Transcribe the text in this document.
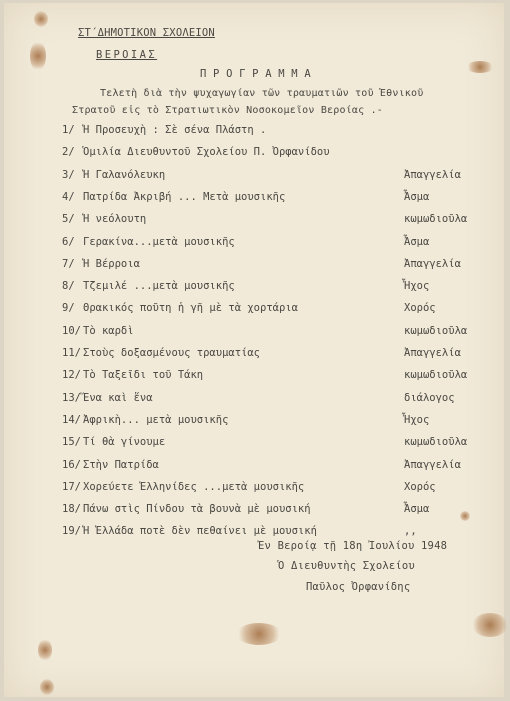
ΣΤ΄ΔΗΜΟΤΙΚΟΝ ΣΧΟΛΕΙΟΝ
ΒΕΡΟΙΑΣ
Π Ρ Ο Γ Ρ Α Μ Μ Α
Τελετὴ διὰ τὴν ψυχαγωγίαν τῶν τραυματιῶν τοῦ Ἐθνικοῦ
Στρατοῦ εἰς τὸ Στρατιωτικὸν Νοσοκομεῖον Βεροίας .-
1/ Ἡ Προσευχὴ : Σὲ σένα Πλάστη .
2/ Ὁμιλία Διευθυντοῦ Σχολείου Π. Ὀρφανίδου
3/ Ἡ Γαλανόλευκη	Ἀπαγγελία
4/ Πατρίδα Ἀκριβή ... Μετὰ μουσικῆς	Ἆσμα
5/ Ἡ νεόλουτη	κωμωδιοῦλα
6/ Γερακίνα...μετὰ μουσικῆς	Ἆσμα
7/ Ἡ Βέρροια	Ἀπαγγελία
8/ Τζεμιλέ ...μετὰ μουσικῆς	Ἦχος
9/ Θρακικός ποῦτη ἡ γῆ μὲ τὰ χορτάρια	Χορός
10/ Τὸ καρδὶ	κωμωδιοῦλα
11/ Στοὺς δοξασμένους τραυματίας	Ἀπαγγελία
12/ Τὸ Ταξεῖδι τοῦ Τάκη	κωμωδιοῦλα
13/ Ἕνα καὶ ἕνα	διάλογος
14/ Ἀφρικὴ... μετὰ μουσικῆς	Ἦχος
15/ Τί θὰ γίνουμε	κωμωδιοῦλα
16/ Στὴν Πατρίδα	Ἀπαγγελία
17/ Χορεύετε Ἑλληνίδες ...μετὰ μουσικῆς	Χορός
18/ Πάνω στὶς Πίνδου τὰ βουνὰ μὲ μουσική	Ἆσμα
19/ Ἡ Ἑλλάδα ποτὲ δὲν πεθαίνει μὲ μουσική	,,
Ἐν Βεροίᾳ τῇ 18η Ἰουλίου 1948
Ὁ Διευθυντὴς Σχολείου
Παῦλος Ὀρφανίδης
